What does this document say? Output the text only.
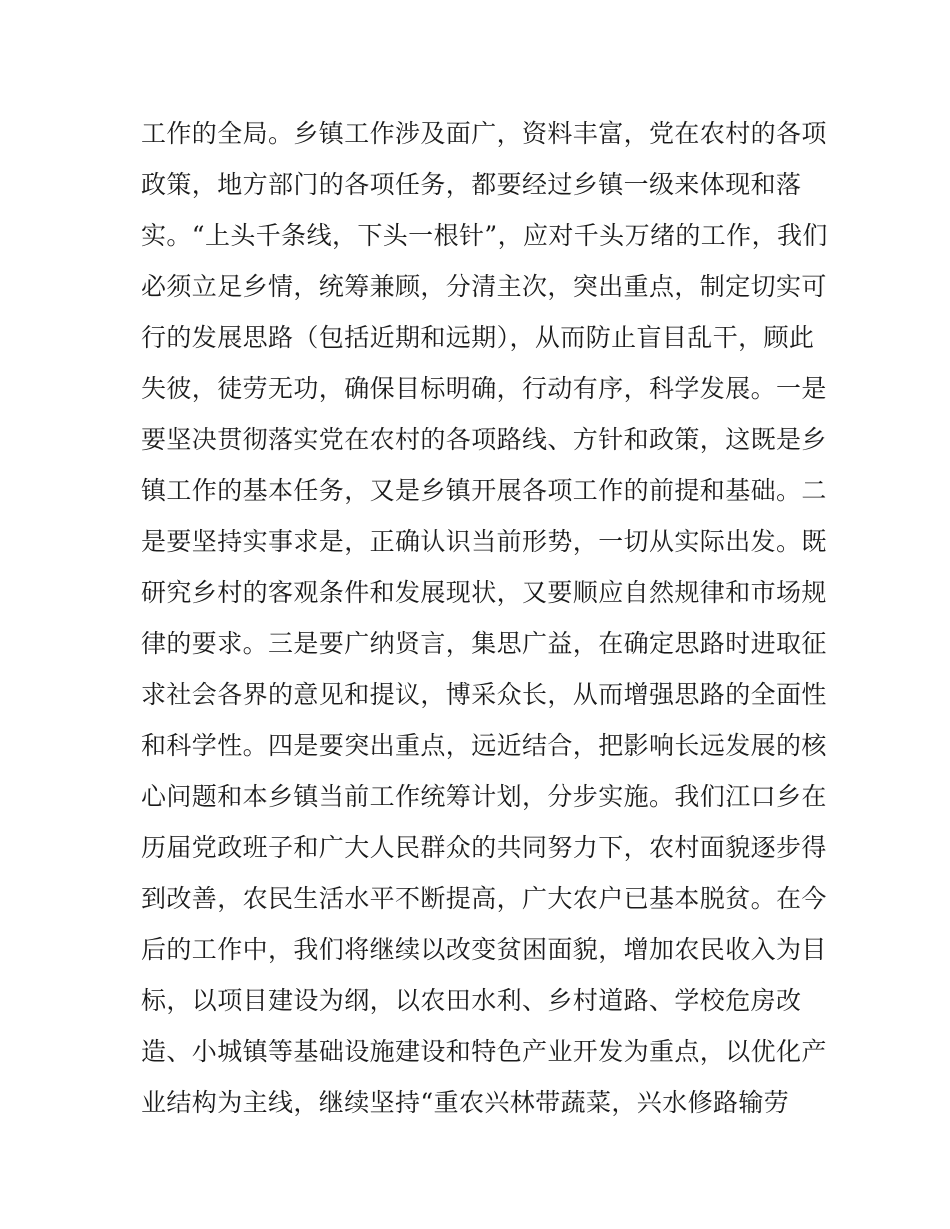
工作的全局。乡镇工作涉及面广，资料丰富，党在农村的各项
政策，地方部门的各项任务，都要经过乡镇一级来体现和落
实。“上头千条线，下头一根针”，应对千头万绪的工作，我们
必须立足乡情，统筹兼顾，分清主次，突出重点，制定切实可
行的发展思路（包括近期和远期），从而防止盲目乱干，顾此
失彼，徒劳无功，确保目标明确，行动有序，科学发展。一是
要坚决贯彻落实党在农村的各项路线、方针和政策，这既是乡
镇工作的基本任务，又是乡镇开展各项工作的前提和基础。二
是要坚持实事求是，正确认识当前形势，一切从实际出发。既
研究乡村的客观条件和发展现状，又要顺应自然规律和市场规
律的要求。三是要广纳贤言，集思广益，在确定思路时进取征
求社会各界的意见和提议，博采众长，从而增强思路的全面性
和科学性。四是要突出重点，远近结合，把影响长远发展的核
心问题和本乡镇当前工作统筹计划，分步实施。我们江口乡在
历届党政班子和广大人民群众的共同努力下，农村面貌逐步得
到改善，农民生活水平不断提高，广大农户已基本脱贫。在今
后的工作中，我们将继续以改变贫困面貌，增加农民收入为目
标，以项目建设为纲，以农田水利、乡村道路、学校危房改
造、小城镇等基础设施建设和特色产业开发为重点，以优化产
业结构为主线，继续坚持“重农兴林带蔬菜，兴水修路输劳
